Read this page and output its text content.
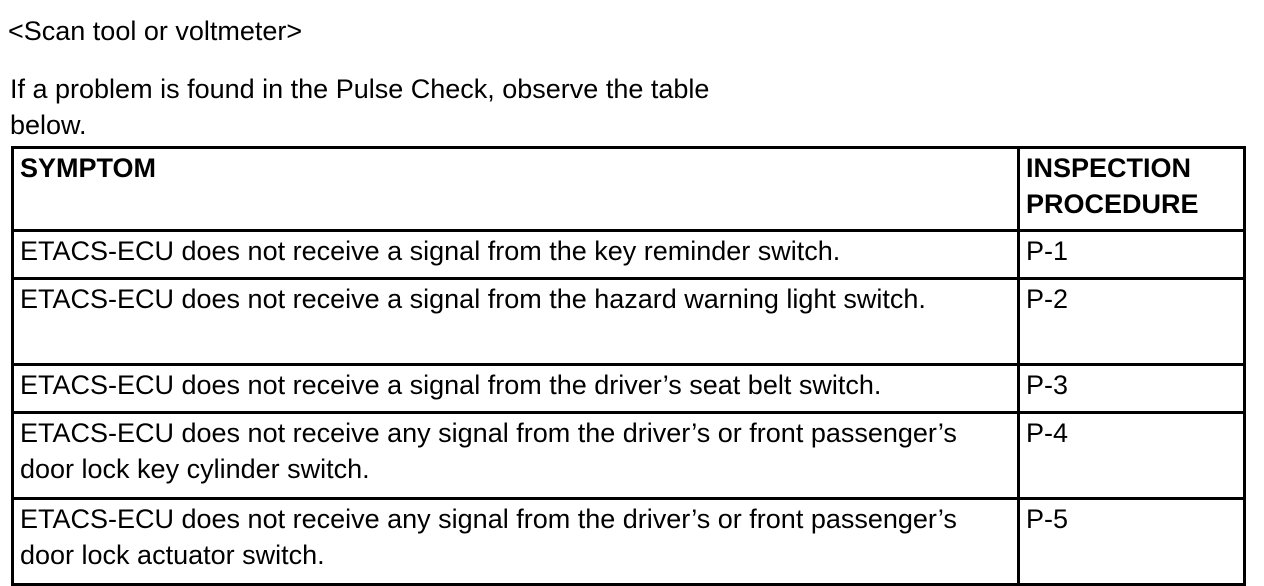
<Scan tool or voltmeter>

If a problem is found in the Pulse Check, observe the table below.

SYMPTOM	INSPECTION PROCEDURE
ETACS-ECU does not receive a signal from the key reminder switch.	P-1
ETACS-ECU does not receive a signal from the hazard warning light switch.	P-2
ETACS-ECU does not receive a signal from the driver’s seat belt switch.	P-3
ETACS-ECU does not receive any signal from the driver’s or front passenger’s door lock key cylinder switch.	P-4
ETACS-ECU does not receive any signal from the driver’s or front passenger’s door lock actuator switch.	P-5
